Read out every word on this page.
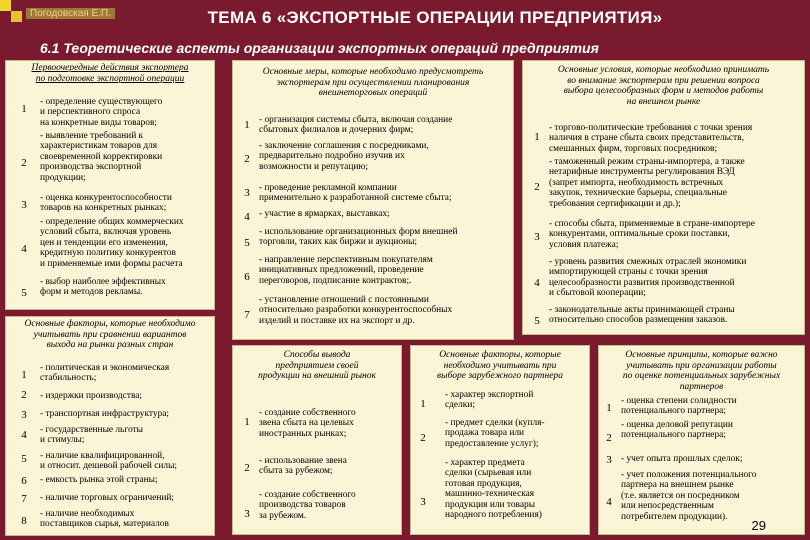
Погодовская Е.П.	ТЕМА 6 «ЭКСПОРТНЫЕ ОПЕРАЦИИ ПРЕДПРИЯТИЯ»
6.1 Теоретические аспекты организации экспортных операций предприятия
Первоочередные действия экспортера
по подготовке экспортной операции
1
- определение существующего
и перспективного спроса
на конкретные виды товаров;
2
- выявление требований к
характеристикам товаров для
своевременной корректировки
производства экспортной
продукции;
3
- оценка конкурентоспособности
товаров на конкретных рынках;
4
- определение общих коммерческих
условий сбыта, включая уровень
цен и тенденции его изменения,
кредитную политику конкурентов
и применяемые ими формы расчета
5
- выбор наиболее эффективных
форм и методов рекламы.
Основные меры, которые необходимо предусмотреть
экспортерам при осуществлении планирования
внешнеторговых операций
1 - организация системы сбыта, включая создание
сбытовых филиалов и дочерних фирм;
2
- заключение соглашения с посредниками,
предварительно подробно изучив их
возможности и репутацию;
3 - проведение рекламной компании
применительно к разработанной системе сбыта;
4 - участие в ярмарках, выставках;
5
- использование организационных форм внешней
торговли, таких как биржи и аукционы;
6
- направление перспективным покупателям
инициативных предложений, проведение
переговоров, подписание контрактов;.
7
- установление отношений с постоянными
относительно разработки конкурентоспособных
изделий и поставке их на экспорт и др.
Основные условия, которые необходимо принимать
во внимание экспортерам при решении вопроса
выбора целесообразных форм и методов работы
на внешнем рынке
1
- торгово-политические требования с точки зрения
наличия в стране сбыта своих представительств,
смешанных фирм, торговых посредников;
2
- таможенный режим страны-импортера, а также
нетарифные инструменты регулирования ВЭД
(запрет импорта, необходимость встречных
закупок, технические барьеры, специальные
требования сертификации и др.);
3
- способы сбыта, применяемые в стране-импортере
конкурентами, оптимальные сроки поставки,
условия платежа;
4
- уровень развития смежных отраслей экономики
импортирующей страны с точки зрения
целесообразности развития производственной
и сбытовой кооперации;
5
- законодательные акты принимающей страны
относительно способов размещения заказов.
Основные факторы, которые необходимо
учитывать при сравнении вариантов
выхода на рынки разных стран
1
- политическая и экономическая
стабильность;
2	- издержки производства;
3	- транспортная инфраструктура;
4	- государственные льготы
и стимулы;
5	- наличие квалифицированной,
и относит. дешевой рабочей силы;
6	- емкость рынка этой страны;
7	- наличие торговых ограничений;
8
- наличие необходимых
поставщиков сырья, материалов
Способы вывода
предприятием своей
продукции на внешний рынок
1
- создание собственного
звена сбыта на целевых
иностранных рынках;
2
- использование звена
сбыта за рубежом;
3
- создание собственного
производства товаров
за рубежом.
Основные факторы, которые
необходимо учитывать при
выборе зарубежного партнера
1
- характер экспортной
сделки;
2
- предмет сделки (купля-
продажа товара или
предоставление услуг);
3
- характер предмета
сделки (сырьевая или
готовая продукция,
машинно-техническая
продукция или товары
народного потребления)
Основные принципы, которые важно
учитывать при организации работы
по оценке потенциальных зарубежных
партнеров
1
- оценка степени солидности
потенциального партнера;
2
- оценка деловой репутации
потенциального партнера;
3 - учет опыта прошлых сделок;
4
- учет положения потенциального
партнера на внешнем рынке
(т.е. является он посредником
или непосредственным
потребителем продукции).
29
